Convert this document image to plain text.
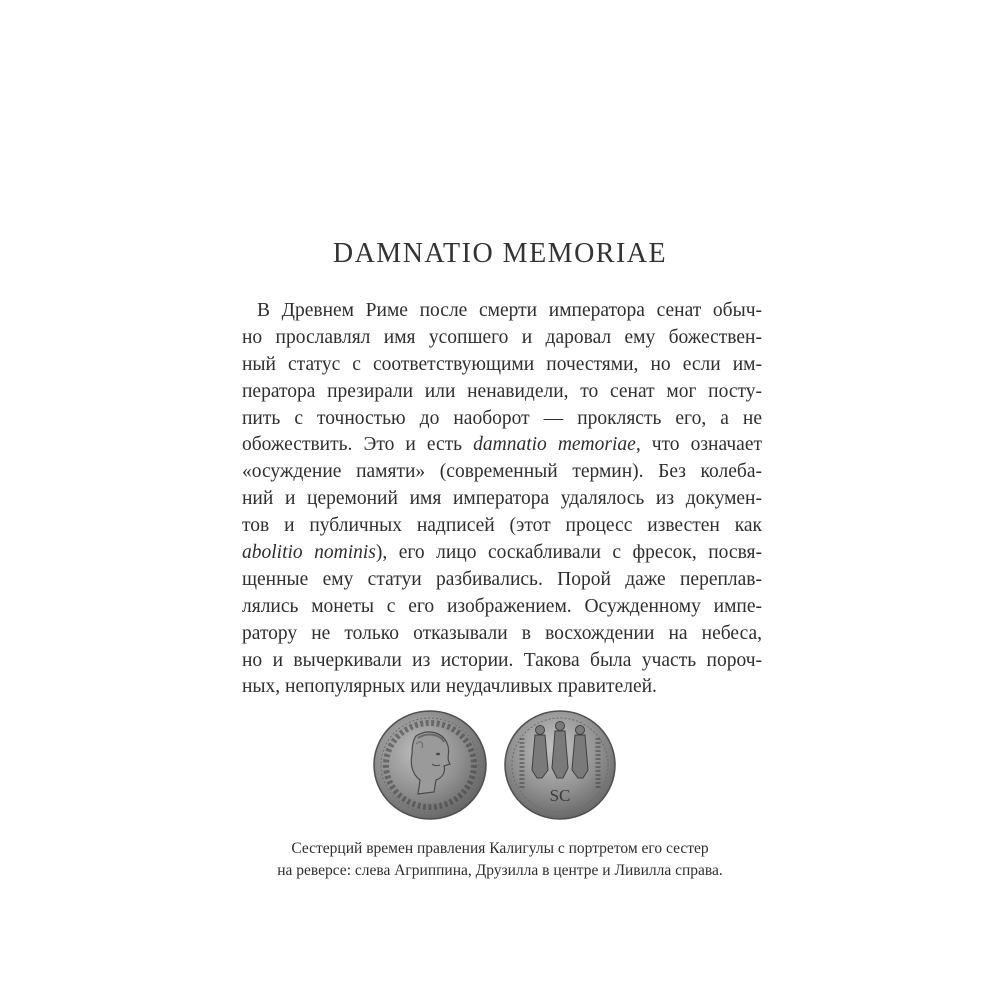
DAMNATIO MEMORIAE
В Древнем Риме после смерти императора сенат обыч-
но прославлял имя усопшего и даровал ему божествен-
ный статус с соответствующими почестями, но если им-
ператора презирали или ненавидели, то сенат мог посту-
пить с точностью до наоборот — проклясть его, а не
обожествить. Это и есть damnatio memoriae, что означает
«осуждение памяти» (современный термин). Без колеба-
ний и церемоний имя императора удалялось из докумен-
тов и публичных надписей (этот процесс известен как
abolitio nominis), его лицо соскабливали с фресок, посвя-
щенные ему статуи разбивались. Порой даже переплав-
лялись монеты с его изображением. Осужденному импе-
ратору не только отказывали в восхождении на небеса,
но и вычеркивали из истории. Такова была участь пороч-
ных, непопулярных или неудачливых правителей.
SC
Сестерций времен правления Калигулы с портретом его сестер
на реверсе: слева Агриппина, Друзилла в центре и Ливилла справа.
